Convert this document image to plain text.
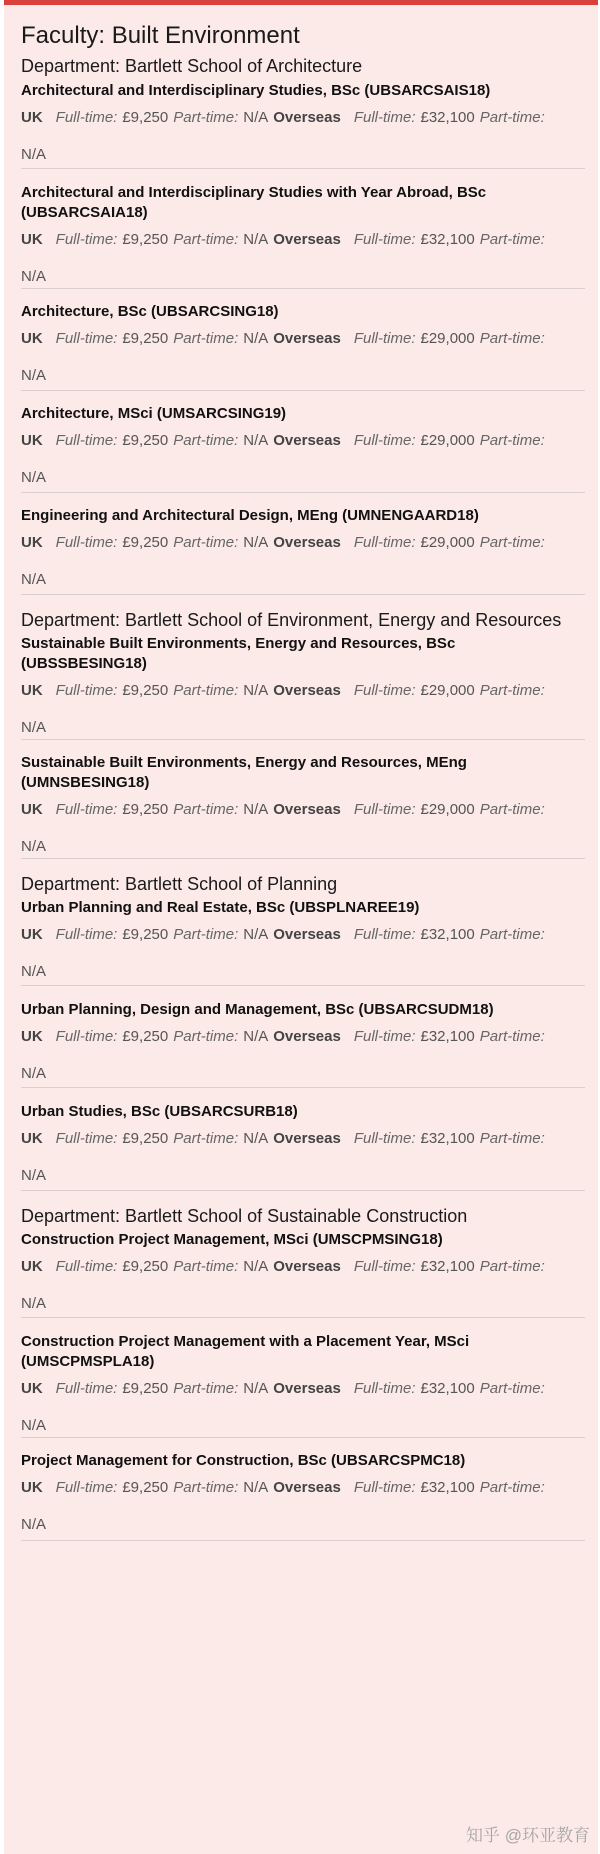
Faculty: Built Environment
Department: Bartlett School of Architecture
Architectural and Interdisciplinary Studies, BSc (UBSARCSAIS18)
UK Full-time: £9,250 Part-time: N/A Overseas Full-time: £32,100 Part-time:
N/A
Architectural and Interdisciplinary Studies with Year Abroad, BSc (UBSARCSAIA18)
UK Full-time: £9,250 Part-time: N/A Overseas Full-time: £32,100 Part-time:
N/A
Architecture, BSc (UBSARCSING18)
UK Full-time: £9,250 Part-time: N/A Overseas Full-time: £29,000 Part-time:
N/A
Architecture, MSci (UMSARCSING19)
UK Full-time: £9,250 Part-time: N/A Overseas Full-time: £29,000 Part-time:
N/A
Engineering and Architectural Design, MEng (UMNENGAARD18)
UK Full-time: £9,250 Part-time: N/A Overseas Full-time: £29,000 Part-time:
N/A
Department: Bartlett School of Environment, Energy and Resources
Sustainable Built Environments, Energy and Resources, BSc (UBSSBESING18)
UK Full-time: £9,250 Part-time: N/A Overseas Full-time: £29,000 Part-time:
N/A
Sustainable Built Environments, Energy and Resources, MEng (UMNSBESING18)
UK Full-time: £9,250 Part-time: N/A Overseas Full-time: £29,000 Part-time:
N/A
Department: Bartlett School of Planning
Urban Planning and Real Estate, BSc (UBSPLNAREE19)
UK Full-time: £9,250 Part-time: N/A Overseas Full-time: £32,100 Part-time:
N/A
Urban Planning, Design and Management, BSc (UBSARCSUDM18)
UK Full-time: £9,250 Part-time: N/A Overseas Full-time: £32,100 Part-time:
N/A
Urban Studies, BSc (UBSARCSURB18)
UK Full-time: £9,250 Part-time: N/A Overseas Full-time: £32,100 Part-time:
N/A
Department: Bartlett School of Sustainable Construction
Construction Project Management, MSci (UMSCPMSING18)
UK Full-time: £9,250 Part-time: N/A Overseas Full-time: £32,100 Part-time:
N/A
Construction Project Management with a Placement Year, MSci (UMSCPMSPLA18)
UK Full-time: £9,250 Part-time: N/A Overseas Full-time: £32,100 Part-time:
N/A
Project Management for Construction, BSc (UBSARCSPMC18)
UK Full-time: £9,250 Part-time: N/A Overseas Full-time: £32,100 Part-time:
N/A
知乎 @环亚教育
